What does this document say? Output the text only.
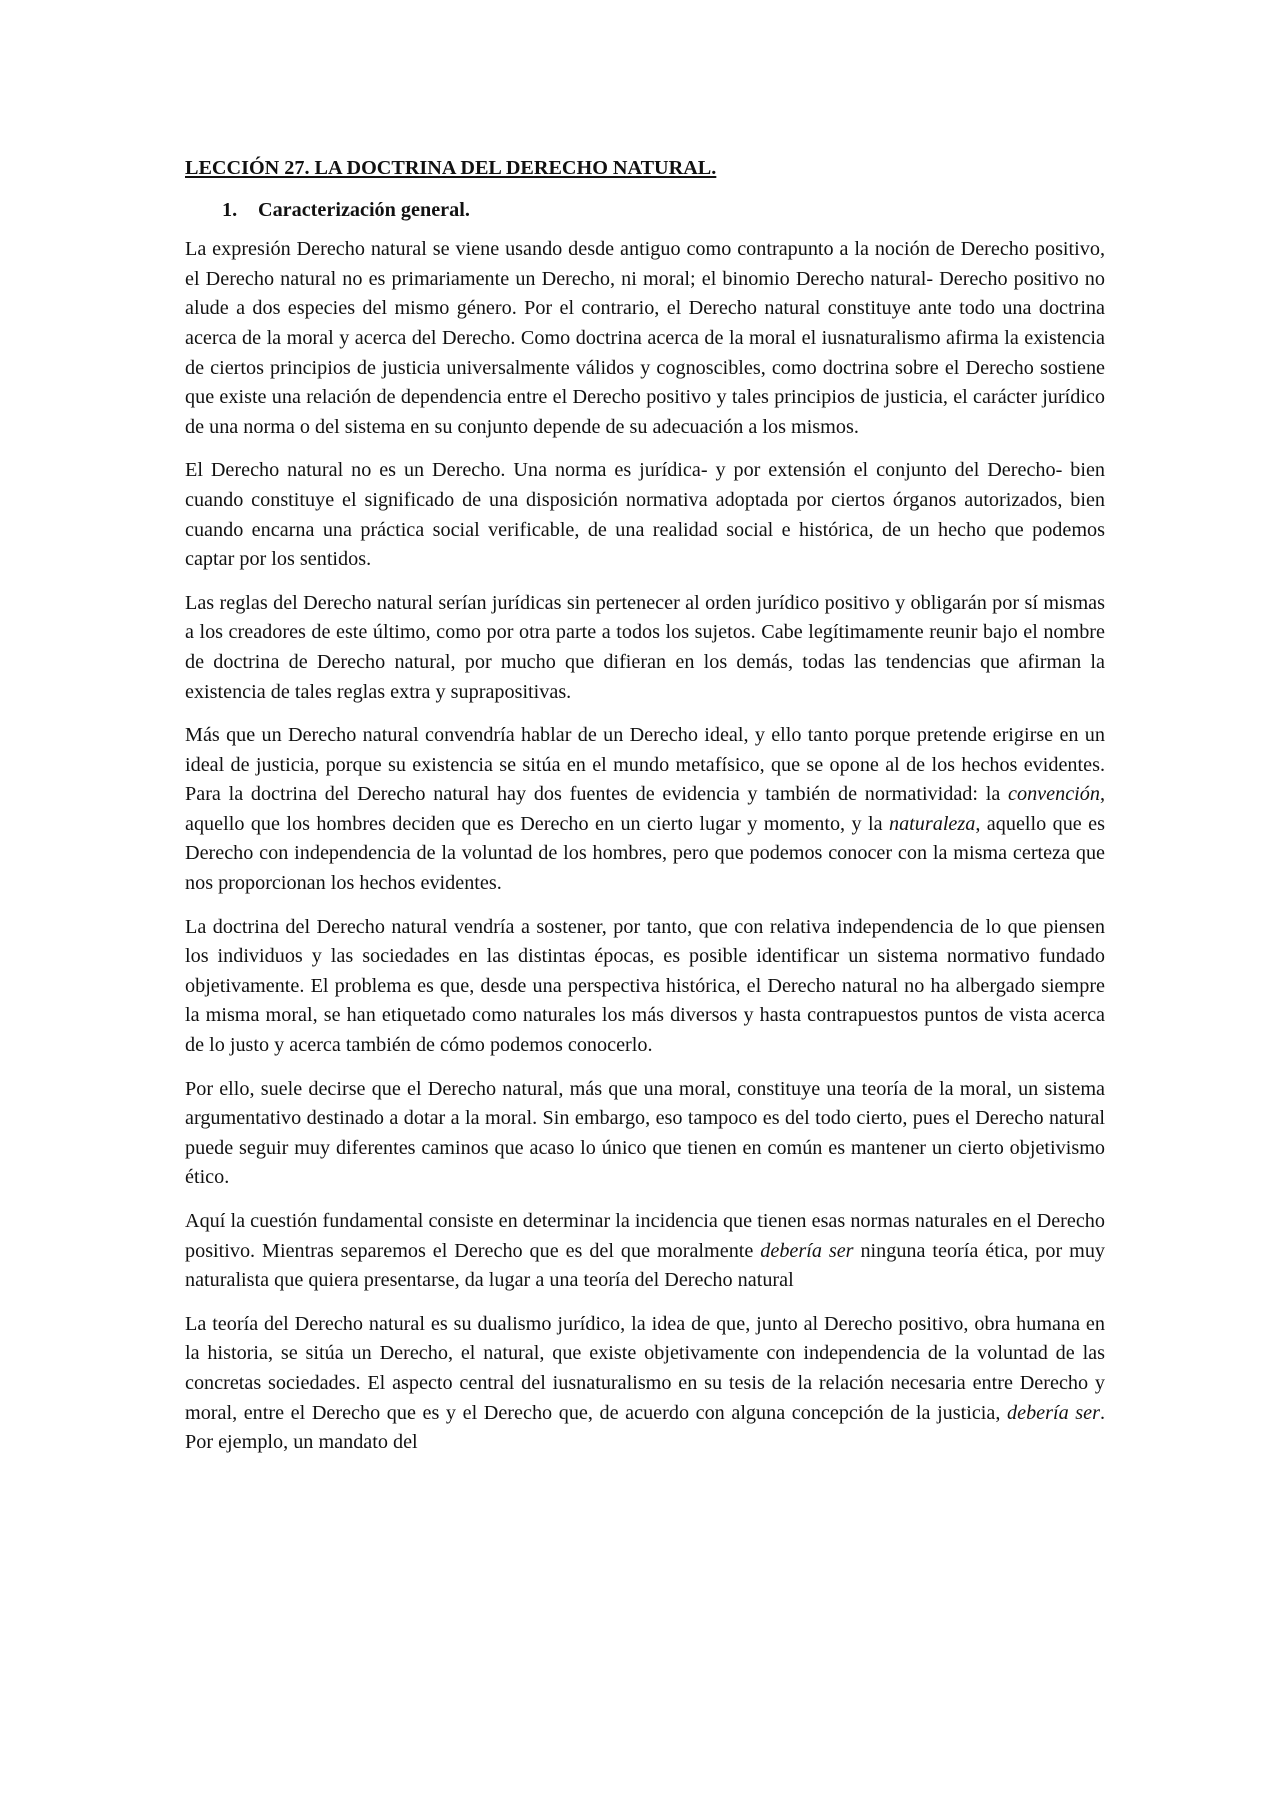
LECCIÓN 27. LA DOCTRINA DEL DERECHO NATURAL.
1. Caracterización general.

La expresión Derecho natural se viene usando desde antiguo como contrapunto a la noción de Derecho positivo, el Derecho natural no es primariamente un Derecho, ni moral; el binomio Derecho natural- Derecho positivo no alude a dos especies del mismo género. Por el contrario, el Derecho natural constituye ante todo una doctrina acerca de la moral y acerca del Derecho. Como doctrina acerca de la moral el iusnaturalismo afirma la existencia de ciertos principios de justicia universalmente válidos y cognoscibles, como doctrina sobre el Derecho sostiene que existe una relación de dependencia entre el Derecho positivo y tales principios de justicia, el carácter jurídico de una norma o del sistema en su conjunto depende de su adecuación a los mismos.

El Derecho natural no es un Derecho. Una norma es jurídica- y por extensión el conjunto del Derecho- bien cuando constituye el significado de una disposición normativa adoptada por ciertos órganos autorizados, bien cuando encarna una práctica social verificable, de una realidad social e histórica, de un hecho que podemos captar por los sentidos.

Las reglas del Derecho natural serían jurídicas sin pertenecer al orden jurídico positivo y obligarán por sí mismas a los creadores de este último, como por otra parte a todos los sujetos. Cabe legítimamente reunir bajo el nombre de doctrina de Derecho natural, por mucho que difieran en los demás, todas las tendencias que afirman la existencia de tales reglas extra y suprapositivas.

Más que un Derecho natural convendría hablar de un Derecho ideal, y ello tanto porque pretende erigirse en un ideal de justicia, porque su existencia se sitúa en el mundo metafísico, que se opone al de los hechos evidentes. Para la doctrina del Derecho natural hay dos fuentes de evidencia y también de normatividad: la convención, aquello que los hombres deciden que es Derecho en un cierto lugar y momento, y la naturaleza, aquello que es Derecho con independencia de la voluntad de los hombres, pero que podemos conocer con la misma certeza que nos proporcionan los hechos evidentes.

La doctrina del Derecho natural vendría a sostener, por tanto, que con relativa independencia de lo que piensen los individuos y las sociedades en las distintas épocas, es posible identificar un sistema normativo fundado objetivamente. El problema es que, desde una perspectiva histórica, el Derecho natural no ha albergado siempre la misma moral, se han etiquetado como naturales los más diversos y hasta contrapuestos puntos de vista acerca de lo justo y acerca también de cómo podemos conocerlo.

Por ello, suele decirse que el Derecho natural, más que una moral, constituye una teoría de la moral, un sistema argumentativo destinado a dotar a la moral. Sin embargo, eso tampoco es del todo cierto, pues el Derecho natural puede seguir muy diferentes caminos que acaso lo único que tienen en común es mantener un cierto objetivismo ético.

Aquí la cuestión fundamental consiste en determinar la incidencia que tienen esas normas naturales en el Derecho positivo. Mientras separemos el Derecho que es del que moralmente debería ser ninguna teoría ética, por muy naturalista que quiera presentarse, da lugar a una teoría del Derecho natural

La teoría del Derecho natural es su dualismo jurídico, la idea de que, junto al Derecho positivo, obra humana en la historia, se sitúa un Derecho, el natural, que existe objetivamente con independencia de la voluntad de las concretas sociedades. El aspecto central del iusnaturalismo en su tesis de la relación necesaria entre Derecho y moral, entre el Derecho que es y el Derecho que, de acuerdo con alguna concepción de la justicia, debería ser. Por ejemplo, un mandato del
